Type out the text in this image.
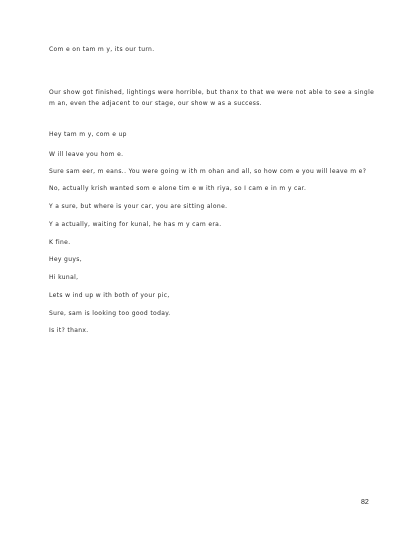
Com e on tam m y, its our turn.
Our show got finished, lightings were horrible, but thanx to that we were not able to see a single
m an, even the adjacent to our stage, our show w as a success.
Hey tam m y, com e up
W ill leave you hom e.
Sure sam eer, m eans.. You were going w ith m ohan and all, so how com e you will leave m e?
No, actually krish wanted som e alone tim e w ith riya, so I cam e in m y car.
Y a sure, but where is your car, you are sitting alone.
Y a actually, waiting for kunal, he has m y cam era.
K fine.
Hey guys,
Hi kunal,
Lets w ind up w ith both of your pic,
Sure, sam is looking too good today.
Is it? thanx.
82
